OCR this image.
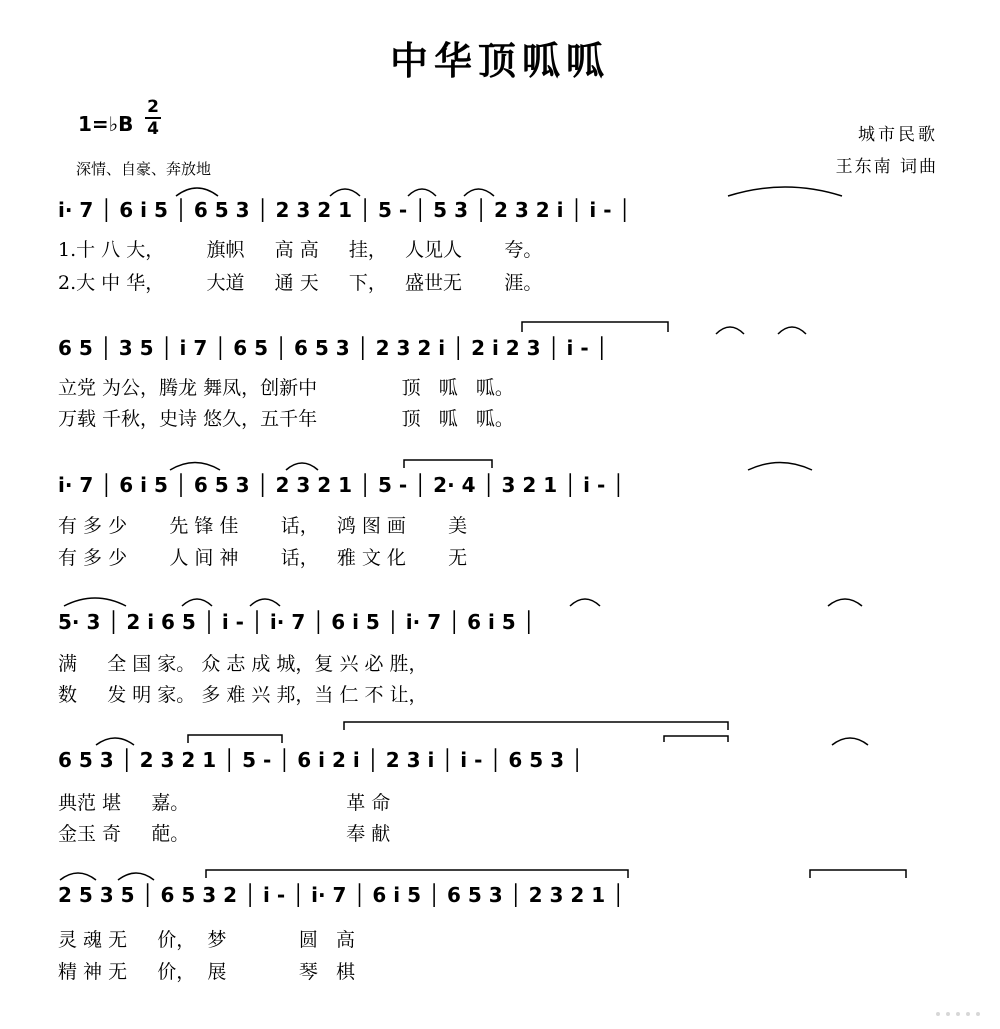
中华顶呱呱
1=♭B
2
4
深情、自豪、奔放地
城市民歌
王东南 词曲
i· 7 │ 6 i 5 │ 6 5 3 │ 2 3 2 1 │ 5 - │ 5 3 │ 2 3 2 i │ i - │
1.十 八 大，       旗帜     高 高     挂，   人见人       夸。
2.大 中 华，       大道     通 天     下，   盛世无       涯。
6 5 │ 3 5 │ i 7 │ 6 5 │ 6 5 3 │ 2 3 2 i │ 2 i 2 3 │ i - │
立党 为公，腾龙 舞凤，创新中              顶   呱   呱。
万载 千秋，史诗 悠久，五千年              顶   呱   呱。
i· 7 │ 6 i 5 │ 6 5 3 │ 2 3 2 1 │ 5 - │ 2· 4 │ 3 2 1 │ i - │
有 多 少       先 锋 佳       话，   鸿 图 画       美
有 多 少       人 间 神       话，   雅 文 化       无
5· 3 │ 2 i 6 5 │ i - │ i· 7 │ 6 i 5 │ i· 7 │ 6 i 5 │
满     全 国 家。 众 志 成 城，复 兴 必 胜，
数     发 明 家。 多 难 兴 邦，当 仁 不 让，
6 5 3 │ 2 3 2 1 │ 5 - │ 6 i 2 i │ 2 3 i │ i - │ 6 5 3 │
典范 堪     嘉。                          革 命
金玉 奇     葩。                          奉 献
2 5 3 5 │ 6 5 3 2 │ i - │ i· 7 │ 6 i 5 │ 6 5 3 │ 2 3 2 1 │
灵 魂 无     价，  梦            圆   高
精 神 无     价，  展            琴   棋
